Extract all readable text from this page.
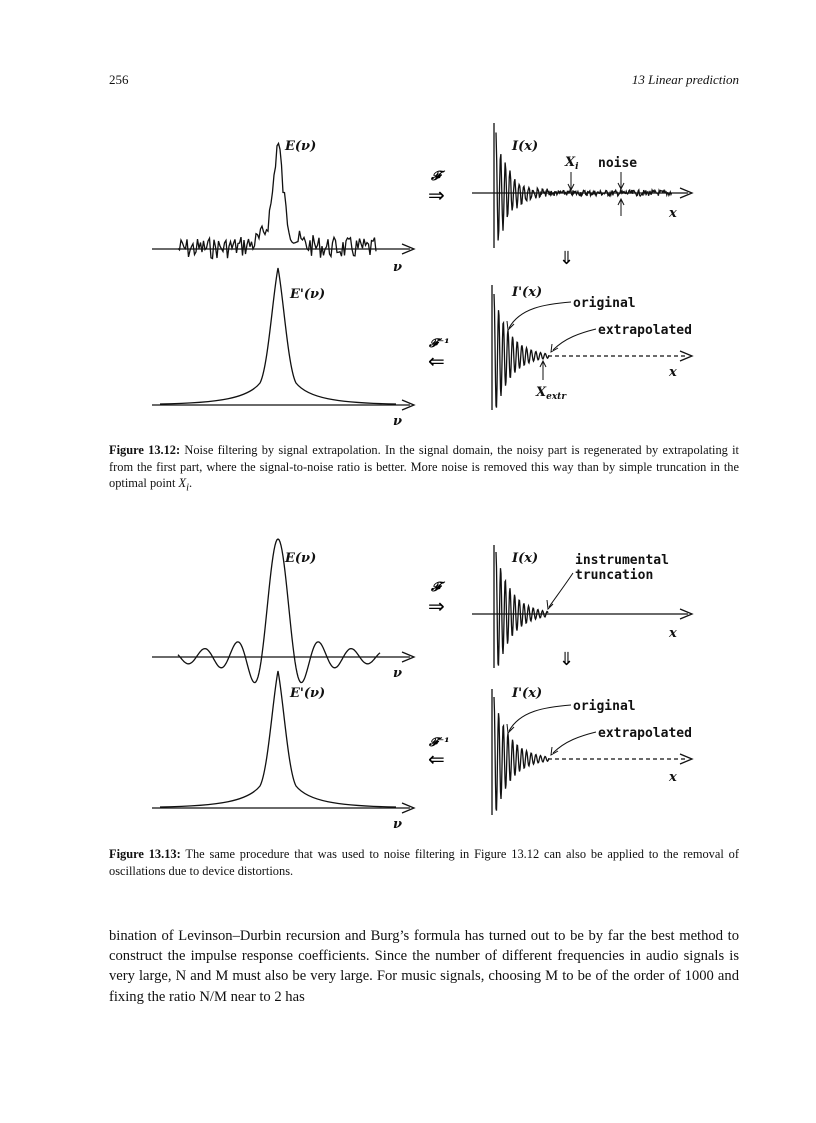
256	13 Linear prediction
E(ν)
ν
E'(ν)
ν
𝓕
⇒
𝓕⁻¹
⇐
⇓
I(x)
$X_i$ noise
x
I'(x)
original
extrapolated
$X_{extr}$
x
Figure 13.12: Noise filtering by signal extrapolation. In the signal domain, the noisy part is regenerated by extrapolating it from the first part, where the signal-to-noise ratio is better. More noise is removed this way than by simple truncation in the optimal point $X_i$.
E(ν)
ν
E'(ν)
ν
𝓕
⇒
𝓕⁻¹
⇐
⇓
I(x)	instrumental
truncation
x
I'(x)
original
extrapolated
x
Figure 13.13: The same procedure that was used to noise filtering in Figure 13.12 can also be applied to the removal of oscillations due to device distortions.
bination of Levinson–Durbin recursion and Burg’s formula has turned out to be by far the best method to construct the impulse response coefficients. Since the number of different frequencies in audio signals is very large, N and M must also be very large. For music signals, choosing M to be of the order of 1000 and fixing the ratio N/M near to 2 has
